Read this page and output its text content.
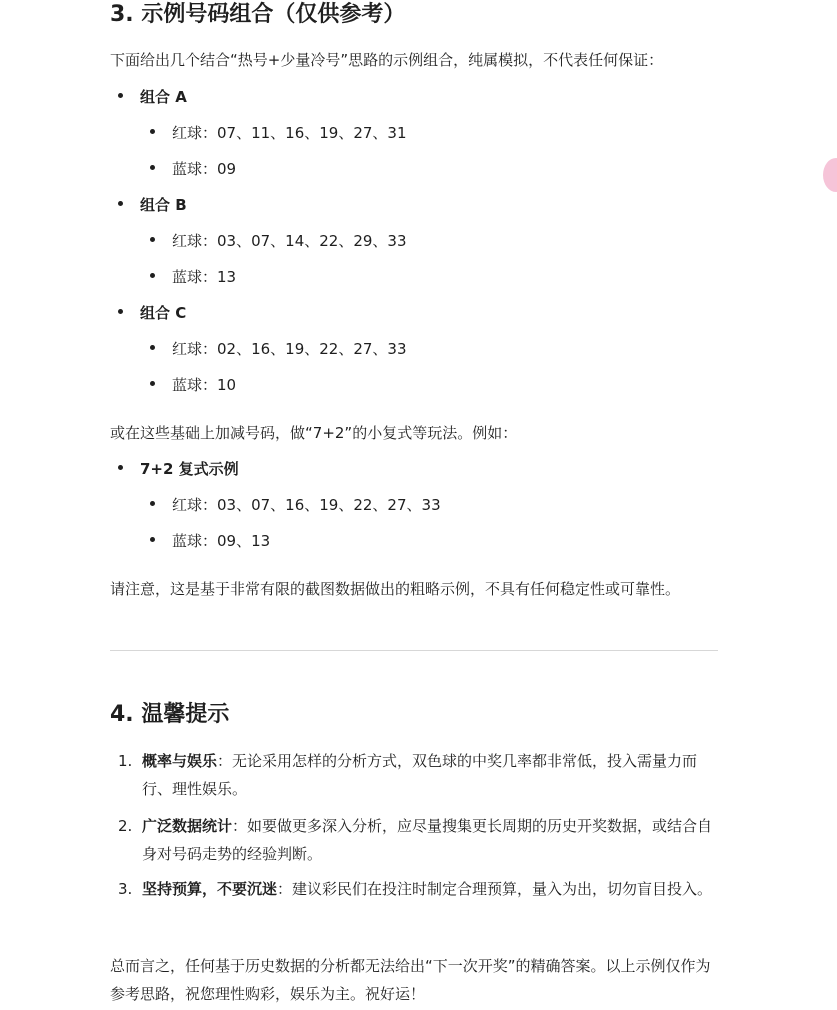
3. 示例号码组合（仅供参考）

下面给出几个结合“热号+少量冷号”思路的示例组合，纯属模拟，不代表任何保证：

组合 A
红球：07、11、16、19、27、31
蓝球：09
组合 B
红球：03、07、14、22、29、33
蓝球：13
组合 C
红球：02、16、19、22、27、33
蓝球：10

或在这些基础上加减号码，做“7+2”的小复式等玩法。例如：

7+2 复式示例
红球：03、07、16、19、22、27、33
蓝球：09、13

请注意，这是基于非常有限的截图数据做出的粗略示例，不具有任何稳定性或可靠性。

4. 温馨提示
1. 概率与娱乐：无论采用怎样的分析方式，双色球的中奖几率都非常低，投入需量力而行、理性娱乐。
2. 广泛数据统计：如要做更多深入分析，应尽量搜集更长周期的历史开奖数据，或结合自身对号码走势的经验判断。
3. 坚持预算，不要沉迷：建议彩民们在投注时制定合理预算，量入为出，切勿盲目投入。

总而言之，任何基于历史数据的分析都无法给出“下一次开奖”的精确答案。以上示例仅作为参考思路，祝您理性购彩，娱乐为主。祝好运！
